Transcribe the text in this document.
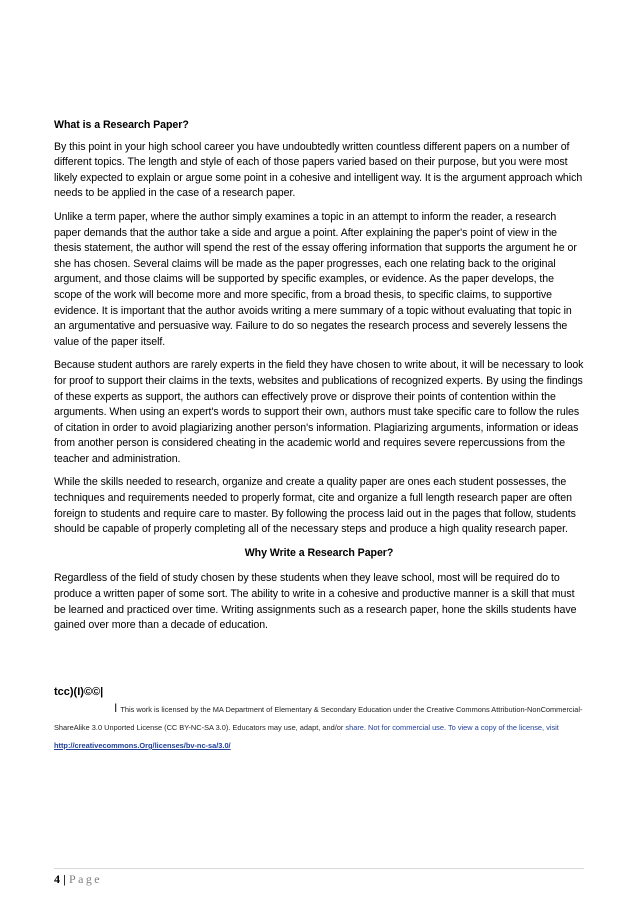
What is a Research Paper?

By this point in your high school career you have undoubtedly written countless different papers on a number of different topics. The length and style of each of those papers varied based on their purpose, but you were most likely expected to explain or argue some point in a cohesive and intelligent way. It is the argument approach which needs to be applied in the case of a research paper.

Unlike a term paper, where the author simply examines a topic in an attempt to inform the reader, a research paper demands that the author take a side and argue a point. After explaining the paper's point of view in the thesis statement, the author will spend the rest of the essay offering information that supports the argument he or she has chosen. Several claims will be made as the paper progresses, each one relating back to the original argument, and those claims will be supported by specific examples, or evidence. As the paper develops, the scope of the work will become more and more specific, from a broad thesis, to specific claims, to supportive evidence. It is important that the author avoids writing a mere summary of a topic without evaluating that topic in an argumentative and persuasive way. Failure to do so negates the research process and severely lessens the value of the paper itself.

Because student authors are rarely experts in the field they have chosen to write about, it will be necessary to look for proof to support their claims in the texts, websites and publications of recognized experts. By using the findings of these experts as support, the authors can effectively prove or disprove their points of contention within the arguments. When using an expert's words to support their own, authors must take specific care to follow the rules of citation in order to avoid plagiarizing another person's information. Plagiarizing arguments, information or ideas from another person is considered cheating in the academic world and requires severe repercussions from the teacher and administration.

While the skills needed to research, organize and create a quality paper are ones each student possesses, the techniques and requirements needed to properly format, cite and organize a full length research paper are often foreign to students and require care to master. By following the process laid out in the pages that follow, students should be capable of properly completing all of the necessary steps and produce a high quality research paper.

Why Write a Research Paper?

Regardless of the field of study chosen by these students when they leave school, most will be required do to produce a written paper of some sort. The ability to write in a cohesive and productive manner is a skill that must be learned and practiced over time. Writing assignments such as a research paper, hone the skills students have gained over more than a decade of education.

tcc)(I)©©|
I This work is licensed by the MA Department of Elementary & Secondary Education under the Creative Commons Attribution-NonCommercial-ShareAlike 3.0 Unported License (CC BY-NC-SA 3.0). Educators may use, adapt, and/or share. Not for commercial use. To view a copy of the license, visit http://creativecommons.Org/licenses/bv-nc-sa/3.0/
4 | Page
